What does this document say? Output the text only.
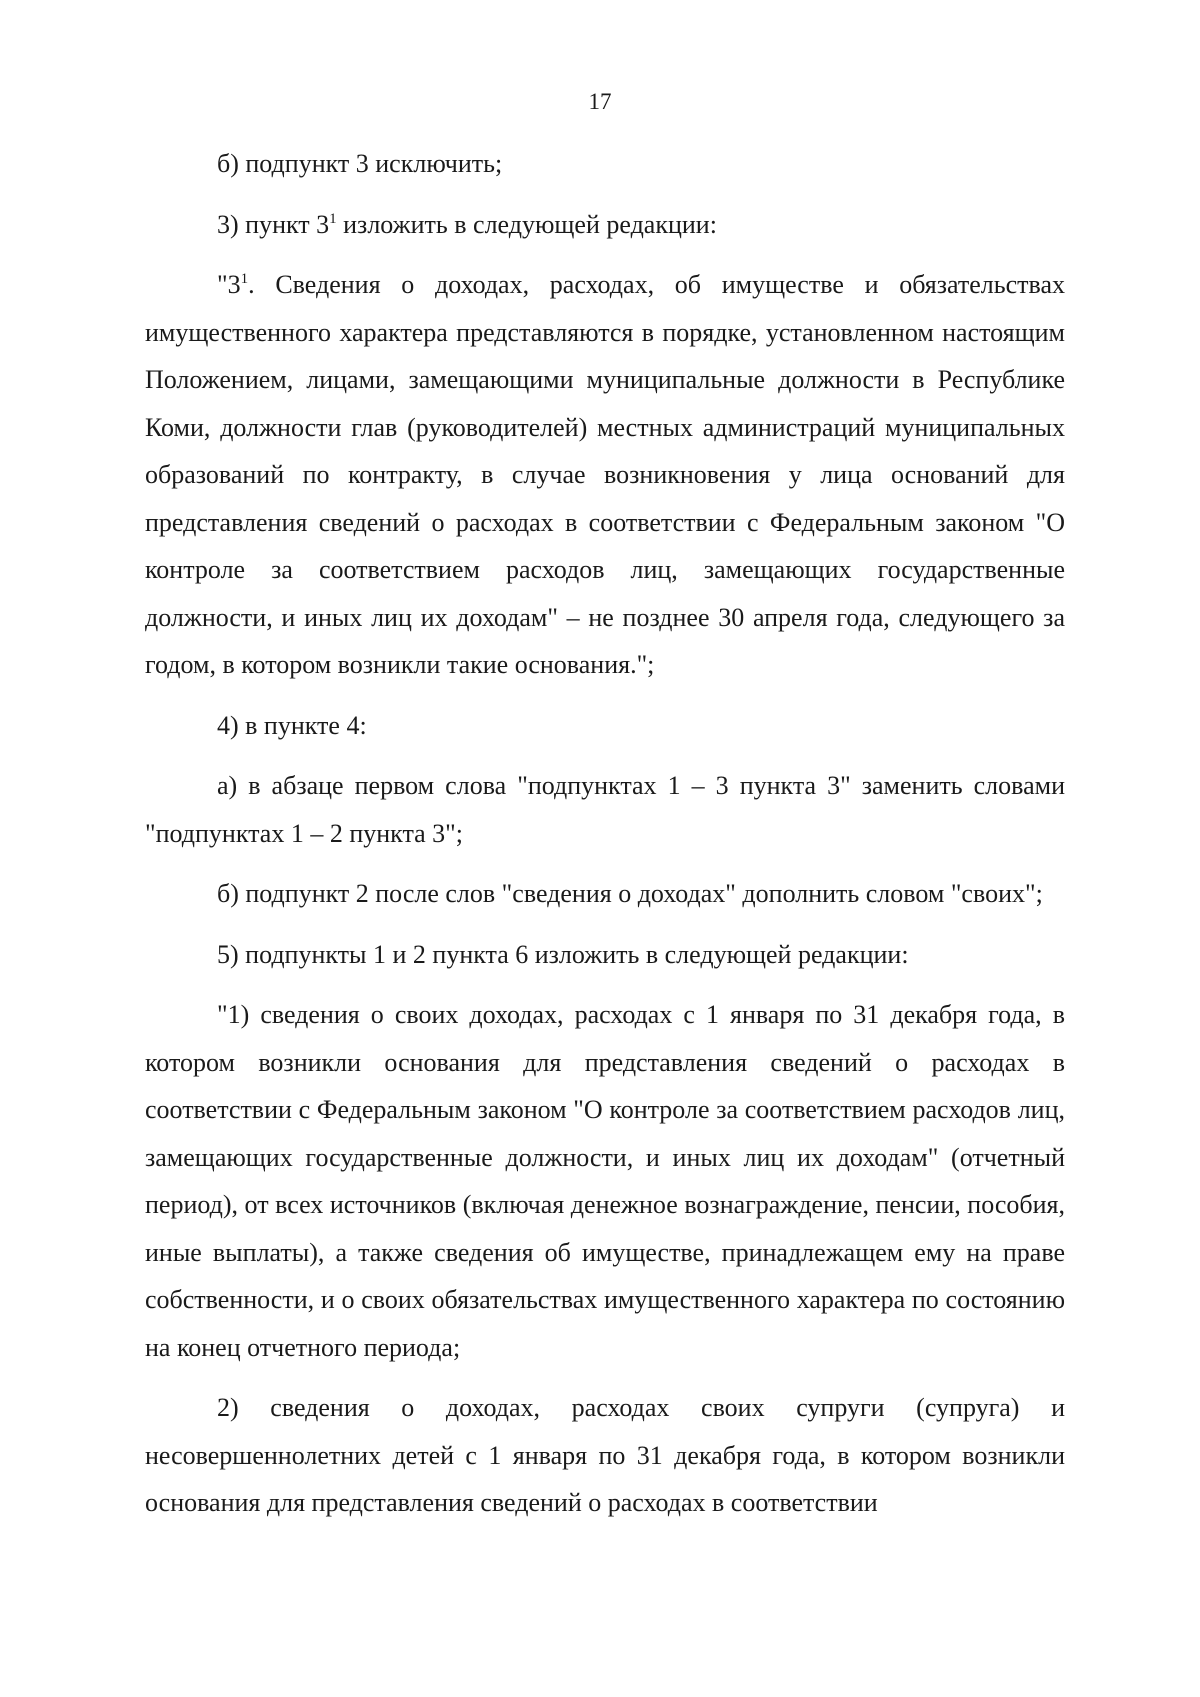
17

б) подпункт 3 исключить;

3) пункт $3^1$ изложить в следующей редакции:

"$3^1$. Сведения о доходах, расходах, об имуществе и обязательствах имущественного характера представляются в порядке, установленном настоящим Положением, лицами, замещающими муниципальные должности в Республике Коми, должности глав (руководителей) местных администраций муниципальных образований по контракту, в случае возникновения у лица оснований для представления сведений о расходах в соответствии с Федеральным законом "О контроле за соответствием расходов лиц, замещающих государственные должности, и иных лиц их доходам" – не позднее 30 апреля года, следующего за годом, в котором возникли такие основания.";

4) в пункте 4:

а) в абзаце первом слова "подпунктах 1 – 3 пункта 3" заменить словами "подпунктах 1 – 2 пункта 3";

б) подпункт 2 после слов "сведения о доходах" дополнить словом "своих";

5) подпункты 1 и 2 пункта 6 изложить в следующей редакции:

"1) сведения о своих доходах, расходах с 1 января по 31 декабря года, в котором возникли основания для представления сведений о расходах в соответствии с Федеральным законом "О контроле за соответствием расходов лиц, замещающих государственные должности, и иных лиц их доходам" (отчетный период), от всех источников (включая денежное вознаграждение, пенсии, пособия, иные выплаты), а также сведения об имуществе, принадлежащем ему на праве собственности, и о своих обязательствах имущественного характера по состоянию на конец отчетного периода;

2) сведения о доходах, расходах своих супруги (супруга) и несовершеннолетних детей с 1 января по 31 декабря года, в котором возникли основания для представления сведений о расходах в соответствии
